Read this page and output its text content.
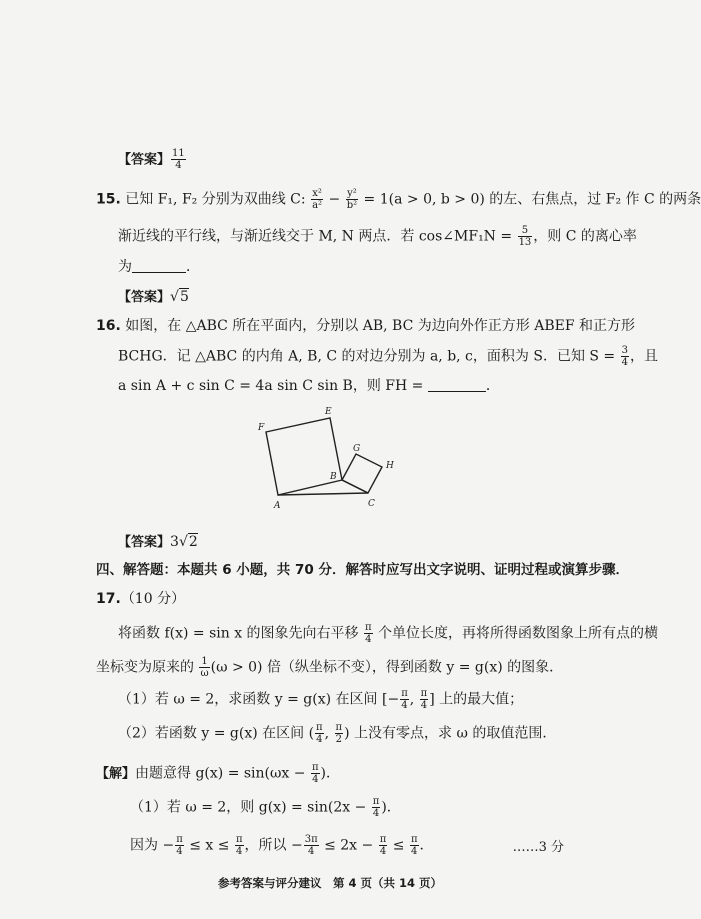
【答案】 $\frac{11}{4}$
15. 已知 F₁, F₂ 分别为双曲线 C: $\frac{\text{x²}}{\text{a²}} - \frac{\text{y²}}{\text{b²}} = 1(a > 0$, b > 0) 的左、右焦点，过 F₂ 作 C 的两条
渐近线的平行线，与渐近线交于 M, N 两点．若 cos∠MF₁N = $\frac{5}{13}$ ，则 C 的离心率
为	．
【答案】√5
16. 如图，在 △ABC 所在平面内，分别以 AB, BC 为边向外作正方形 ABEF 和正方形
BCHG．记 △ABC 的内角 A, B, C 的对边分别为 a, b, c，面积为 S．已知 $S = \frac{3}{4}$ ，且
a sin A + c sin C = 4a sin C sin B，则 FH =	．
F
E
G
H
B
A	C
【答案】3√2
四、解答题：本题共 6 小题，共 70 分．解答时应写出文字说明、证明过程或演算步骤．
17.（10 分）
将函数 f(x) = sin x 的图象先向右平移 $\frac{\pi}{4}$ 个单位长度，再将所得函数图象上所有点的横
坐标变为原来的 $\frac{1}{\omega} (\omega > 0)$ 倍（纵坐标不变），得到函数 y = g(x) 的图象．
（1）若 ω = 2，求函数 y = g(x) 在区间 [− $\frac{\pi}{4}$ , $\frac{\pi}{4}$ ] 上的最大值；
（2）若函数 y = g(x) 在区间 ( $\frac{\pi}{4}$ , $\frac{\pi}{2}$ ) 上没有零点，求 ω 的取值范围．
【解】由题意得 $g(x) = \sin(\omega x - \frac{\pi}{4}$ )．
（1）若 ω = 2，则 $g(x) = \sin(2x - \frac{\pi}{4}$ )．
因为 − $\frac{\pi}{4} \le x \le \frac{\pi}{4}$ ，所以 − $\frac{3\pi}{4} \le 2x - \frac{\pi}{4} \le \frac{\pi}{4}$ ．	……3 分
参考答案与评分建议　第 4 页（共 14 页）
